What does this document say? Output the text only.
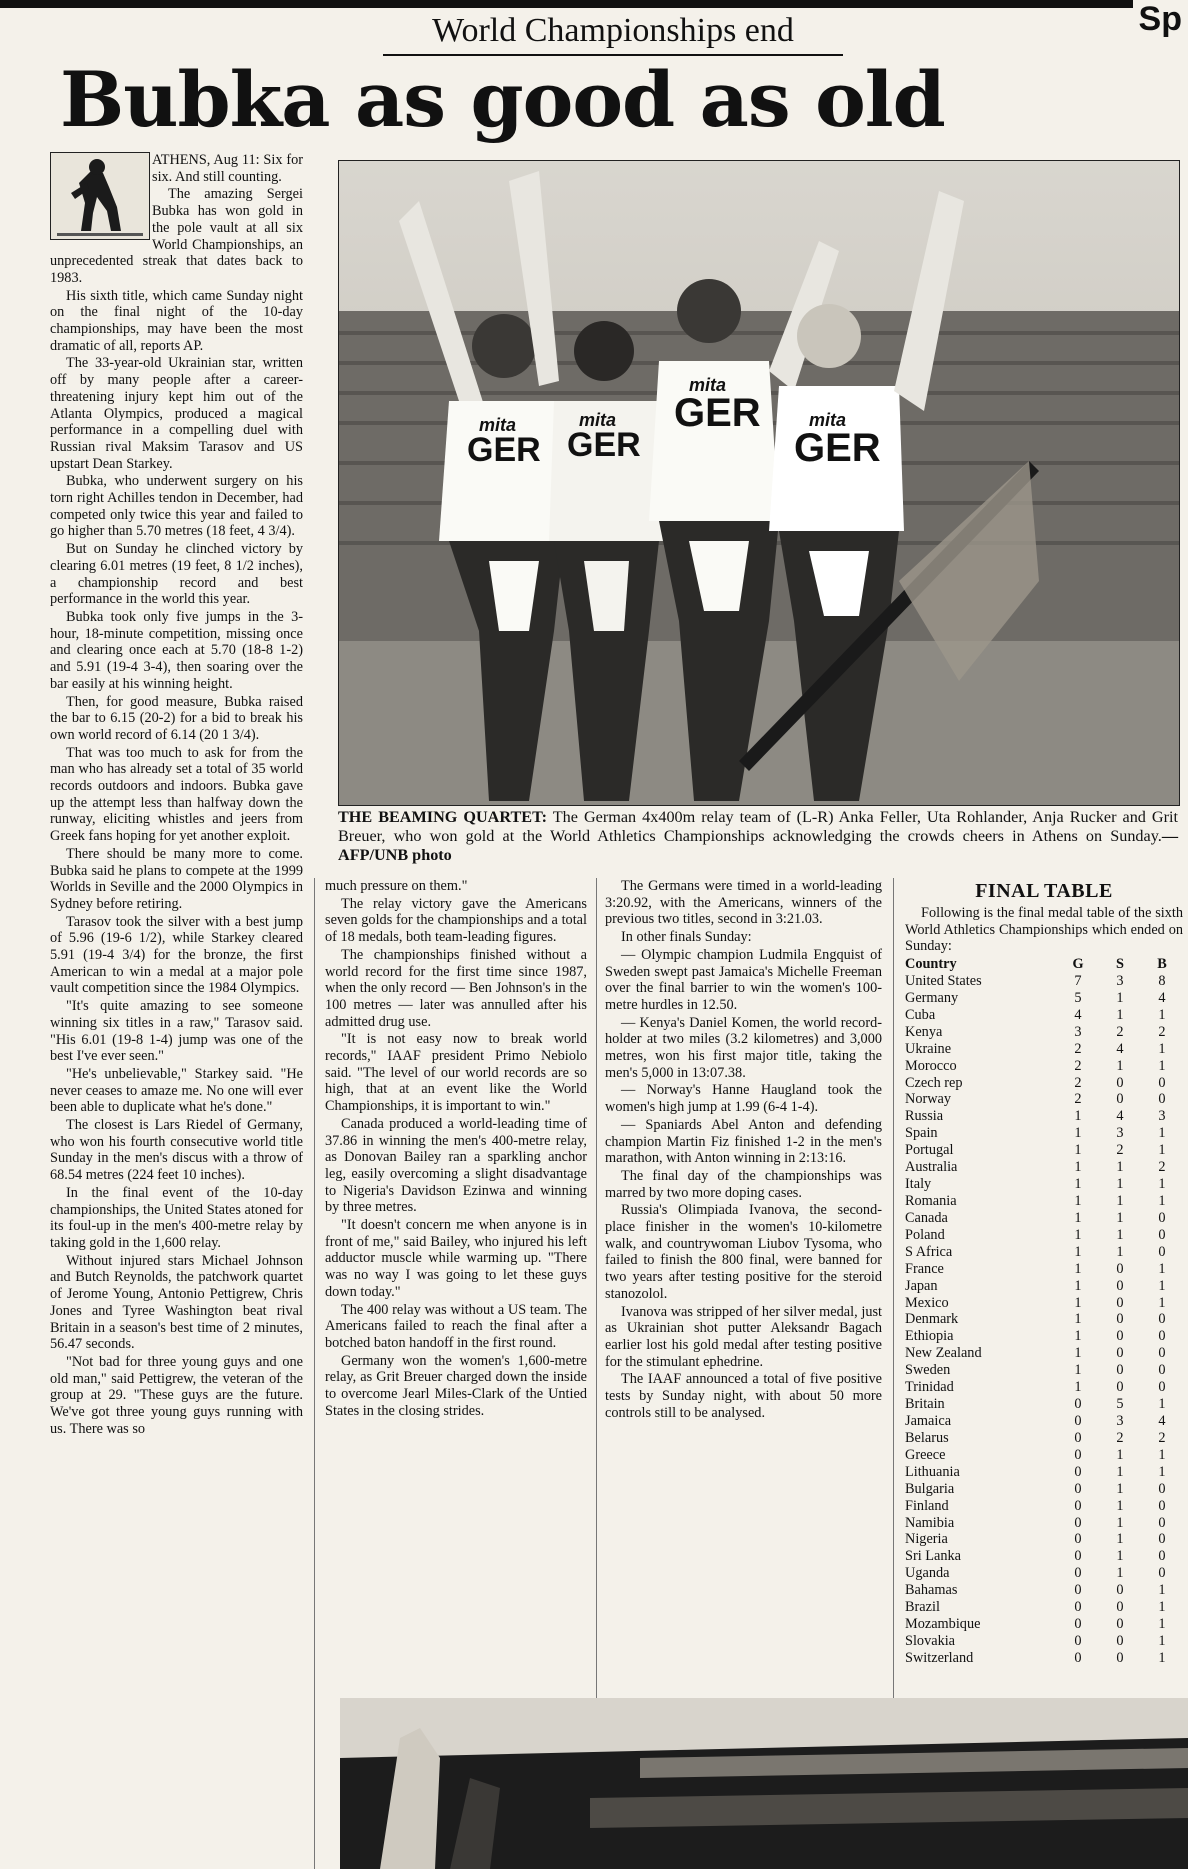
Sp
World Championships end
Bubka as good as old

ATHENS, Aug 11: Six for six. And still counting.

The amazing Sergei Bubka has won gold in the pole vault at all six World Championships, an unprecedented streak that dates back to 1983.

His sixth title, which came Sunday night on the final night of the 10-day championships, may have been the most dramatic of all, reports AP.

The 33-year-old Ukrainian star, written off by many people after a career-threatening injury kept him out of the Atlanta Olympics, produced a magical performance in a compelling duel with Russian rival Maksim Tarasov and US upstart Dean Starkey.

Bubka, who underwent surgery on his torn right Achilles tendon in December, had competed only twice this year and failed to go higher than 5.70 metres (18 feet, 4 3/4).

But on Sunday he clinched victory by clearing 6.01 metres (19 feet, 8 1/2 inches), a championship record and best performance in the world this year.

Bubka took only five jumps in the 3-hour, 18-minute competition, missing once and clearing once each at 5.70 (18-8 1-2) and 5.91 (19-4 3-4), then soaring over the bar easily at his winning height.

Then, for good measure, Bubka raised the bar to 6.15 (20-2) for a bid to break his own world record of 6.14 (20 1 3/4).

That was too much to ask for from the man who has already set a total of 35 world records outdoors and indoors. Bubka gave up the attempt less than halfway down the runway, eliciting whistles and jeers from Greek fans hoping for yet another exploit.

There should be many more to come. Bubka said he plans to compete at the 1999 Worlds in Seville and the 2000 Olympics in Sydney before retiring.

Tarasov took the silver with a best jump of 5.96 (19-6 1/2), while Starkey cleared 5.91 (19-4 3/4) for the bronze, the first American to win a medal at a major pole vault competition since the 1984 Olympics.

"It's quite amazing to see someone winning six titles in a raw," Tarasov said. "His 6.01 (19-8 1-4) jump was one of the best I've ever seen."

"He's unbelievable," Starkey said. "He never ceases to amaze me. No one will ever been able to duplicate what he's done."

The closest is Lars Riedel of Germany, who won his fourth consecutive world title Sunday in the men's discus with a throw of 68.54 metres (224 feet 10 inches).

In the final event of the 10-day championships, the United States atoned for its foul-up in the men's 400-metre relay by taking gold in the 1,600 relay.

Without injured stars Michael Johnson and Butch Reynolds, the patchwork quartet of Jerome Young, Antonio Pettigrew, Chris Jones and Tyree Washington beat rival Britain in a season's best time of 2 minutes, 56.47 seconds.

"Not bad for three young guys and one old man," said Pettigrew, the veteran of the group at 29. "These guys are the future. We've got three young guys running with us. There was so

GER GER
GER
GER
mita	mita
mita
mita
THE BEAMING QUARTET: The German 4x400m relay team of (L-R) Anka Feller, Uta Rohlander, Anja Rucker and Grit Breuer, who won gold at the World Athletics Championships acknowledging the crowds cheers in Athens on Sunday.— AFP/UNB photo

much pressure on them."

The relay victory gave the Americans seven golds for the championships and a total of 18 medals, both team-leading figures.

The championships finished without a world record for the first time since 1987, when the only record — Ben Johnson's in the 100 metres — later was annulled after his admitted drug use.

"It is not easy now to break world records," IAAF president Primo Nebiolo said. "The level of our world records are so high, that at an event like the World Championships, it is important to win."

Canada produced a world-leading time of 37.86 in winning the men's 400-metre relay, as Donovan Bailey ran a sparkling anchor leg, easily overcoming a slight disadvantage to Nigeria's Davidson Ezinwa and winning by three metres.

"It doesn't concern me when anyone is in front of me," said Bailey, who injured his left adductor muscle while warming up. "There was no way I was going to let these guys down today."

The 400 relay was without a US team. The Americans failed to reach the final after a botched baton handoff in the first round.

Germany won the women's 1,600-metre relay, as Grit Breuer charged down the inside to overcome Jearl Miles-Clark of the Untied States in the closing strides.

The Germans were timed in a world-leading 3:20.92, with the Americans, winners of the previous two titles, second in 3:21.03.

In other finals Sunday:

— Olympic champion Ludmila Engquist of Sweden swept past Jamaica's Michelle Freeman over the final barrier to win the women's 100-metre hurdles in 12.50.

— Kenya's Daniel Komen, the world record-holder at two miles (3.2 kilometres) and 3,000 metres, won his first major title, taking the men's 5,000 in 13:07.38.

— Norway's Hanne Haugland took the women's high jump at 1.99 (6-4 1-4).

— Spaniards Abel Anton and defending champion Martin Fiz finished 1-2 in the men's marathon, with Anton winning in 2:13:16.

The final day of the championships was marred by two more doping cases.

Russia's Olimpiada Ivanova, the second-place finisher in the women's 10-kilometre walk, and countrywoman Liubov Tysoma, who failed to finish the 800 final, were banned for two years after testing positive for the steroid stanozolol.

Ivanova was stripped of her silver medal, just as Ukrainian shot putter Aleksandr Bagach earlier lost his gold medal after testing positive for the stimulant ephedrine.

The IAAF announced a total of five positive tests by Sunday night, with about 50 more controls still to be analysed.

FINAL TABLE
Following is the final medal table of the sixth World Athletics Championships which ended on Sunday:
Country	G	S	B
United States	7	3	8
Germany	5	1	4
Cuba	4	1	1
Kenya	3	2	2
Ukraine	2	4	1
Morocco	2	1	1
Czech rep	2	0	0
Norway	2	0	0
Russia	1	4	3
Spain	1	3	1
Portugal	1	2	1
Australia	1	1	2
Italy	1	1	1
Romania	1	1	1
Canada	1	1	0
Poland	1	1	0
S Africa	1	1	0
France	1	0	1
Japan	1	0	1
Mexico	1	0	1
Denmark	1	0	0
Ethiopia	1	0	0
New Zealand	1	0	0
Sweden	1	0	0
Trinidad	1	0	0
Britain	0	5	1
Jamaica	0	3	4
Belarus	0	2	2
Greece	0	1	1
Lithuania	0	1	1
Bulgaria	0	1	0
Finland	0	1	0
Namibia	0	1	0
Nigeria	0	1	0
Sri Lanka	0	1	0
Uganda	0	1	0
Bahamas	0	0	1
Brazil	0	0	1
Mozambique	0	0	1
Slovakia	0	0	1
Switzerland	0	0	1
